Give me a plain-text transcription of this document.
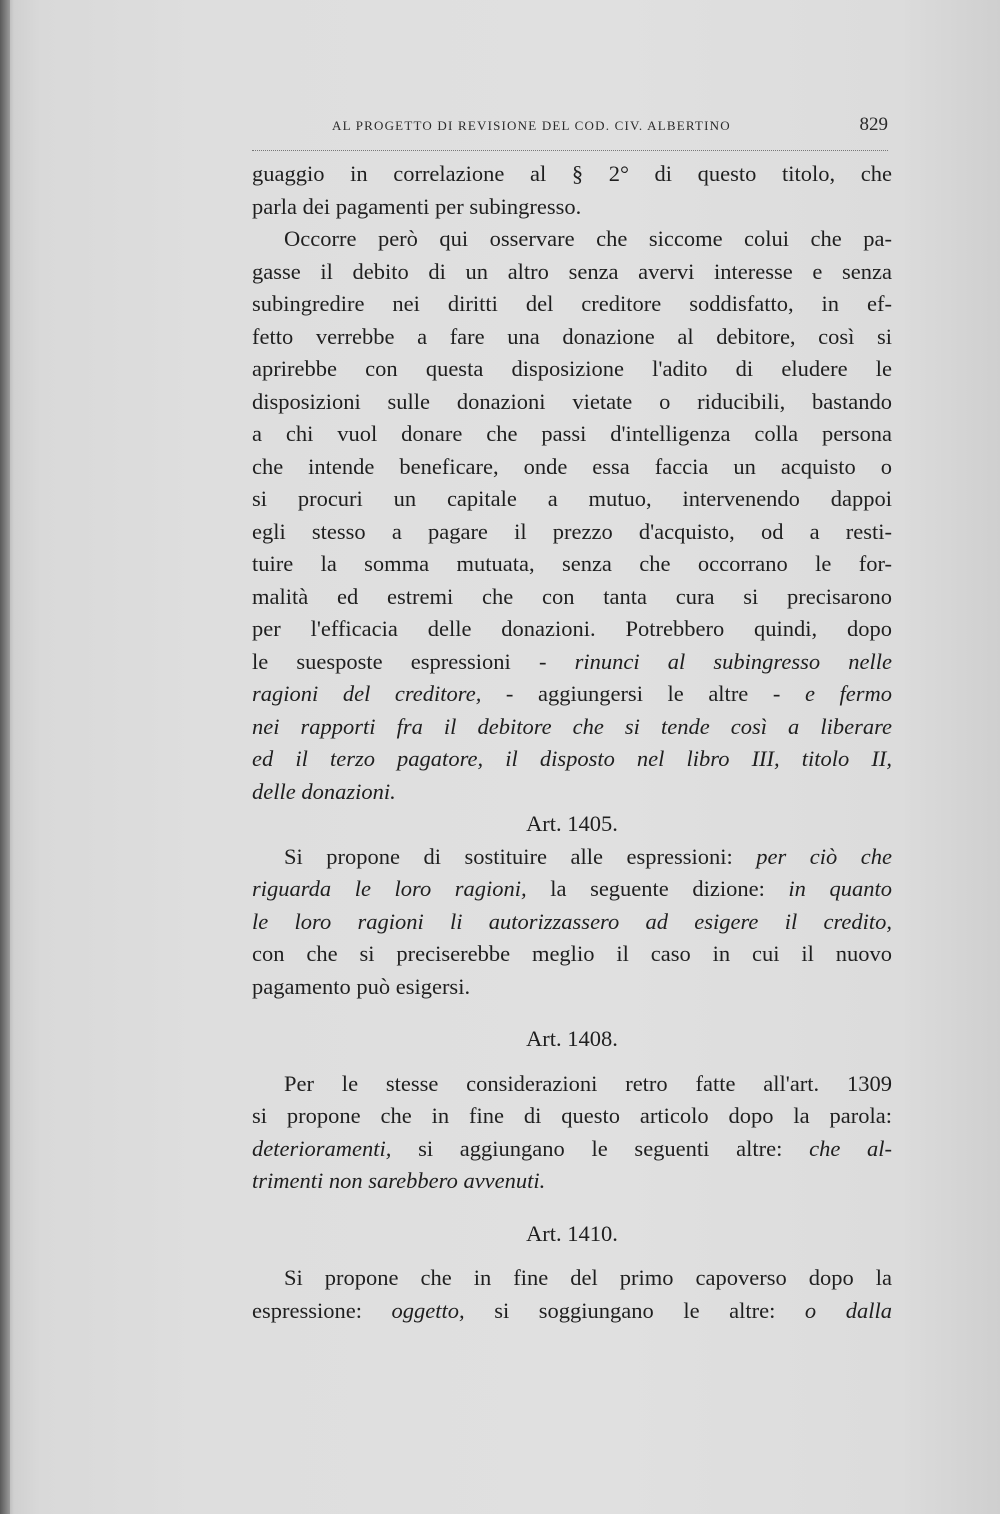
AL PROGETTO DI REVISIONE DEL COD. CIV. ALBERTINO	829
guaggio in correlazione al § 2° di questo titolo, che
parla dei pagamenti per subingresso.
Occorre però qui osservare che siccome colui che pa-
gasse il debito di un altro senza avervi interesse e senza
subingredire nei diritti del creditore soddisfatto, in ef-
fetto verrebbe a fare una donazione al debitore, così si
aprirebbe con questa disposizione l'adito di eludere le
disposizioni sulle donazioni vietate o riducibili, bastando
a chi vuol donare che passi d'intelligenza colla persona
che intende beneficare, onde essa faccia un acquisto o
si procuri un capitale a mutuo, intervenendo dappoi
egli stesso a pagare il prezzo d'acquisto, od a resti-
tuire la somma mutuata, senza che occorrano le for-
malità ed estremi che con tanta cura si precisarono
per l'efficacia delle donazioni. Potrebbero quindi, dopo
le suesposte espressioni - rinunci al subingresso nelle
ragioni del creditore, - aggiungersi le altre - e fermo
nei rapporti fra il debitore che si tende così a liberare
ed il terzo pagatore, il disposto nel libro III, titolo II,
delle donazioni.
Art. 1405.
Si propone di sostituire alle espressioni: per ciò che
riguarda le loro ragioni, la seguente dizione: in quanto
le loro ragioni li autorizzassero ad esigere il credito,
con che si preciserebbe meglio il caso in cui il nuovo
pagamento può esigersi.
Art. 1408.
Per le stesse considerazioni retro fatte all'art. 1309
si propone che in fine di questo articolo dopo la parola:
deterioramenti, si aggiungano le seguenti altre: che al-
trimenti non sarebbero avvenuti.
Art. 1410.
Si propone che in fine del primo capoverso dopo la
espressione: oggetto, si soggiungano le altre: o dalla
